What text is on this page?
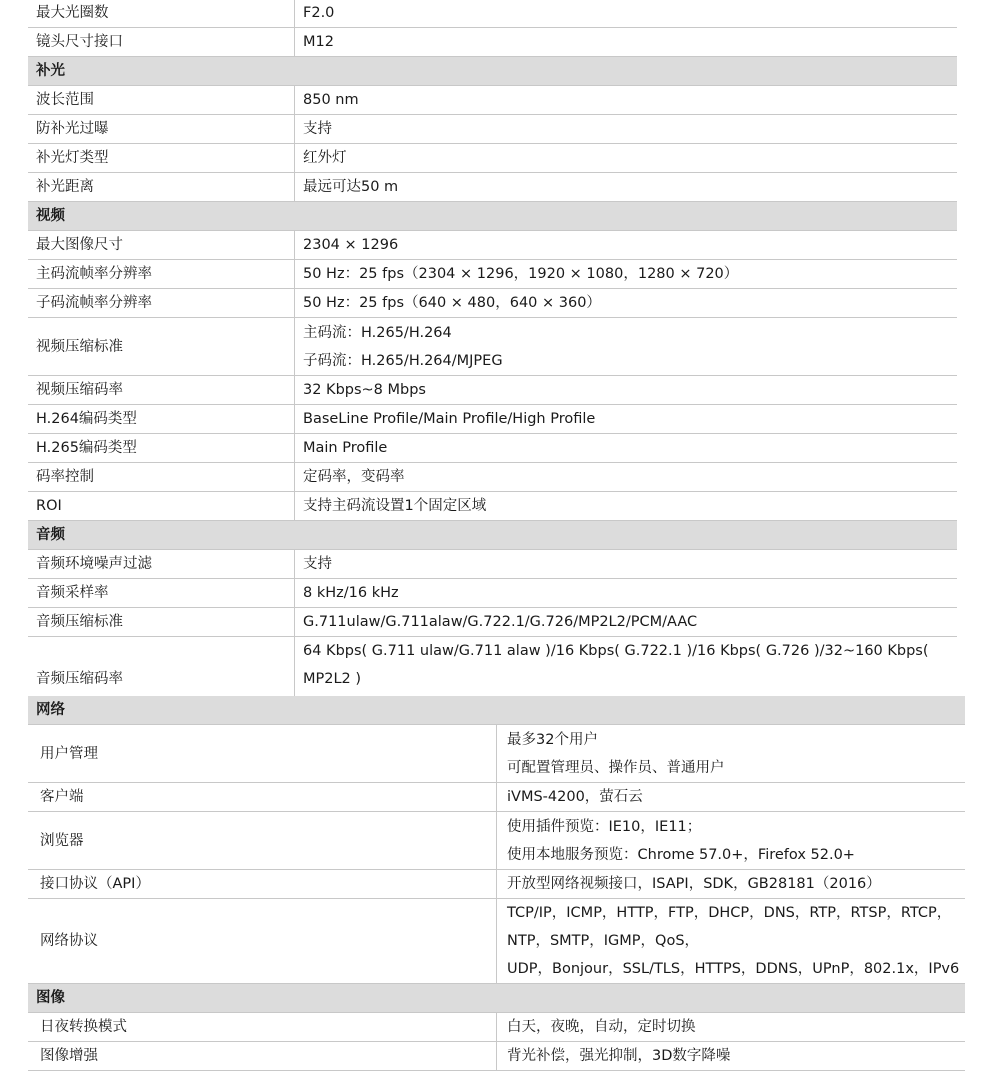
最大光圈数	F2.0

镜头尺寸接口	M12

补光	
波长范围	850 nm

防补光过曝	支持

补光灯类型	红外灯

补光距离	最远可达50 m

视频	
最大图像尺寸	2304 × 1296

主码流帧率分辨率	50 Hz：25 fps（2304 × 1296，1920 × 1080，1280 × 720）

子码流帧率分辨率	50 Hz：25 fps（640 × 480，640 × 360）

视频压缩标准	主码流：H.265/H.264
子码流：H.265/H.264/MJPEG

视频压缩码率	32 Kbps~8 Mbps

H.264编码类型	BaseLine Profile/Main Profile/High Profile

H.265编码类型	Main Profile

码率控制	定码率，变码率

ROI	支持主码流设置1个固定区域

音频	
音频环境噪声过滤	支持

音频采样率	8 kHz/16 kHz

音频压缩标准	G.711ulaw/G.711alaw/G.722.1/G.726/MP2L2/PCM/AAC

音频压缩码率	64 Kbps( G.711 ulaw/G.711 alaw )/16 Kbps( G.722.1 )/16 Kbps( G.726 )/32~160 Kbps( MP2L2 )
网络	
用户管理	最多32个用户
可配置管理员、操作员、普通用户

客户端	iVMS-4200，萤石云

浏览器	使用插件预览：IE10，IE11；
使用本地服务预览：Chrome 57.0+，Firefox 52.0+

接口协议（API）	开放型网络视频接口，ISAPI，SDK，GB28181（2016）

网络协议	TCP/IP，ICMP，HTTP，FTP，DHCP，DNS，RTP，RTSP，RTCP，NTP，SMTP，IGMP，QoS，
UDP，Bonjour，SSL/TLS，HTTPS，DDNS，UPnP，802.1x，IPv6

图像	
日夜转换模式	白天，夜晚，自动，定时切换

图像增强	背光补偿，强光抑制，3D数字降噪
